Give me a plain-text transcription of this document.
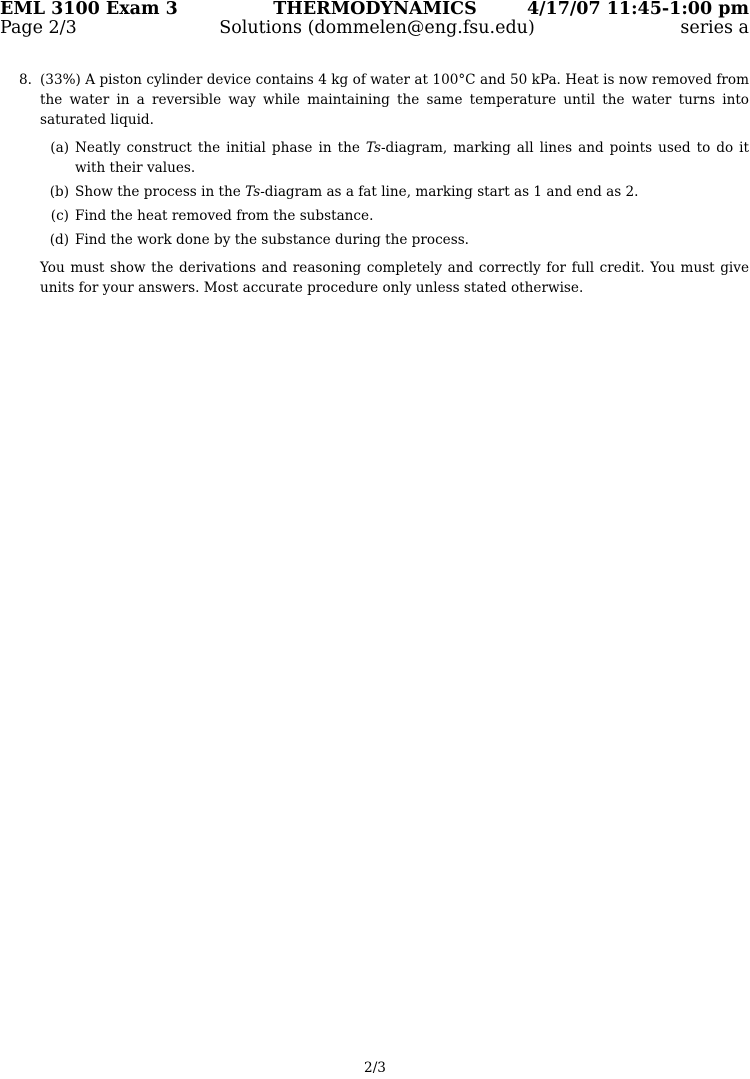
EML 3100 Exam 3	THERMODYNAMICS	4/17/07 11:45-1:00 pm
Page 2/3	Solutions (dommelen@eng.fsu.edu)	series a
8. (33%) A piston cylinder device contains 4 kg of water at 100°C and 50 kPa. Heat is now removed from the water in a reversible way while maintaining the same temperature until the water turns into saturated liquid.
(a) Neatly construct the initial phase in the Ts-diagram, marking all lines and points used to do it with their values.
(b) Show the process in the Ts-diagram as a fat line, marking start as 1 and end as 2.
(c) Find the heat removed from the substance.
(d) Find the work done by the substance during the process.
You must show the derivations and reasoning completely and correctly for full credit. You must give units for your answers. Most accurate procedure only unless stated otherwise.
2/3
